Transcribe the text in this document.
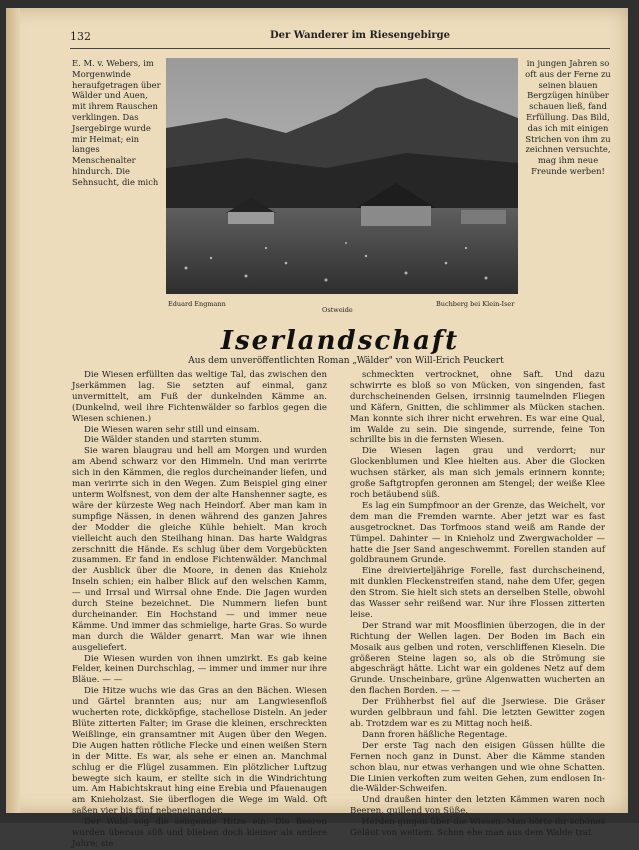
132	Der Wanderer im Riesengebirge
E. M. v. Webers, im Morgenwinde heraufgetragen über Wälder und Auen, mit ihrem Rauschen verklingen. Das Jsergebirge wurde mir Heimat; ein langes Menschenalter hindurch. Die Sehnsucht, die mich
in jungen Jahren so oft aus der Ferne zu seinen blauen Bergzügen hinüber schauen ließ, fand Erfüllung. Das Bild, das ich mit einigen Strichen von ihm zu zeichnen versuchte, mag ihm neue Freunde werben!
Eduard Engmann
Ostweide
Buchberg bei Klein-Iser
Iserlandschaft
Aus dem unveröffentlichten Roman „Wälder" von Will-Erich Peuckert

Die Wiesen erfüllten das weltige Tal, das zwischen den Jserkämmen lag. Sie setzten auf einmal, ganz unvermittelt, am Fuß der dunkelnden Kämme an. (Dunkelnd, weil ihre Fichtenwälder so farblos gegen die Wiesen schienen.)

Die Wiesen waren sehr still und einsam.

Die Wälder standen und starrten stumm.

Sie waren blaugrau und hell am Morgen und wurden am Abend schwarz vor den Himmeln. Und man verirrte sich in den Kämmen, die reglos durcheinander liefen, und man verirrte sich in den Wegen. Zum Beispiel ging einer unterm Wolfsnest, von dem der alte Hanshenner sagte, es wäre der kürzeste Weg nach Heindorf. Aber man kam in sumpfige Nässen, in denen während des ganzen Jahres der Modder die gleiche Kühle behielt. Man kroch vielleicht auch den Steilhang hinan. Das harte Waldgras zerschnitt die Hände. Es schlug über dem Vorgebückten zusammen. Er fand in endlose Fichtenwälder. Manchmal der Ausblick über die Moore, in denen das Knieholz Inseln schien; ein halber Blick auf den welschen Kamm, — und Irrsal und Wirrsal ohne Ende. Die Jagen wurden durch Steine bezeichnet. Die Nummern liefen bunt durcheinander. Ein Hochstand — und immer neue Kämme. Und immer das schmielige, harte Gras. So wurde man durch die Wälder genarrt. Man war wie ihnen ausgeliefert.

Die Wiesen wurden von ihnen umzirkt. Es gab keine Felder, keinen Durchschlag, — immer und immer nur ihre Bläue. — —

Die Hitze wuchs wie das Gras an den Bächen. Wiesen und Gärtel brannten aus; nur am Langwiesenfloß wucherten rote, dickköpfige, stachellose Disteln. An jeder Blüte zitterten Falter; im Grase die kleinen, erschreckten Weißlinge, ein gransamtner mit Augen über den Wegen. Die Augen hatten rötliche Flecke und einen weißen Stern in der Mitte. Es war, als sehe er einen an. Manchmal schlug er die Flügel zusammen. Ein plötzlicher Luftzug bewegte sich kaum, er stellte sich in die Windrichtung um. Am Habichtskraut hing eine Erebia und Pfauenaugen am Knieholzast. Sie überflogen die Wege im Wald. Oft saßen vier bis fünf nebeneinander.

Der Wald sog die sengende Hitze ein. Die Beeren wurden überaus süß und blieben doch kleiner als andere Jahre; sie

schmeckten vertrocknet, ohne Saft. Und dazu schwirrte es bloß so von Mücken, von singenden, fast durchscheinenden Gelsen, irrsinnig taumelnden Fliegen und Käfern, Gnitten, die schlimmer als Mücken stachen. Man konnte sich ihrer nicht erwehren. Es war eine Qual, im Walde zu sein. Die singende, surrende, feine Ton schrillte bis in die fernsten Wiesen.

Die Wiesen lagen grau und verdorrt; nur Glockenblumen und Klee hielten aus. Aber die Glocken wuchsen stärker, als man sich jemals erinnern konnte; große Saftgtropfen geronnen am Stengel; der weiße Klee roch betäubend süß.

Es lag ein Sumpfmoor an der Grenze, das Weichelt, vor dem man die Fremden warnte. Aber jetzt war es fast ausgetrocknet. Das Torfmoos stand weiß am Rande der Tümpel. Dahinter — in Knieholz und Zwergwacholder — hatte die Jser Sand angeschwemmt. Forellen standen auf goldbraunem Grunde.

Eine dreivierteljährige Forelle, fast durchscheinend, mit dunklen Fleckenstreifen stand, nahe dem Ufer, gegen den Strom. Sie hielt sich stets an derselben Stelle, obwohl das Wasser sehr reißend war. Nur ihre Flossen zitterten leise.

Der Strand war mit Moosflinien überzogen, die in der Richtung der Wellen lagen. Der Boden im Bach ein Mosaik aus gelben und roten, verschliffenen Kieseln. Die größeren Steine lagen so, als ob die Strömung sie abgeschrägt hätte. Licht war ein goldenes Netz auf dem Grunde. Unscheinbare, grüne Algenwatten wucherten an den flachen Borden. — —

Der Frühherbst fiel auf die Jserwiese. Die Gräser wurden gelbbraun und fahl. Die letzten Gewitter zogen ab. Trotzdem war es zu Mittag noch heiß.

Dann froren häßliche Regentage.

Der erste Tag nach den eisigen Güssen hüllte die Fernen noch ganz in Dunst. Aber die Kämme standen schon blau, nur etwas verhangen und wie ohne Schatten. Die Linien verkoften zum weiten Gehen, zum endlosen In-die-Wälder-Schweifen.

Und draußen hinter den letzten Kämmen waren noch Beeren, quillend von Süße.

Herden gingen über die Wiesen. Man hörte ihr schönes Geläut von weitem. Schon ehe man aus dem Walde trat
